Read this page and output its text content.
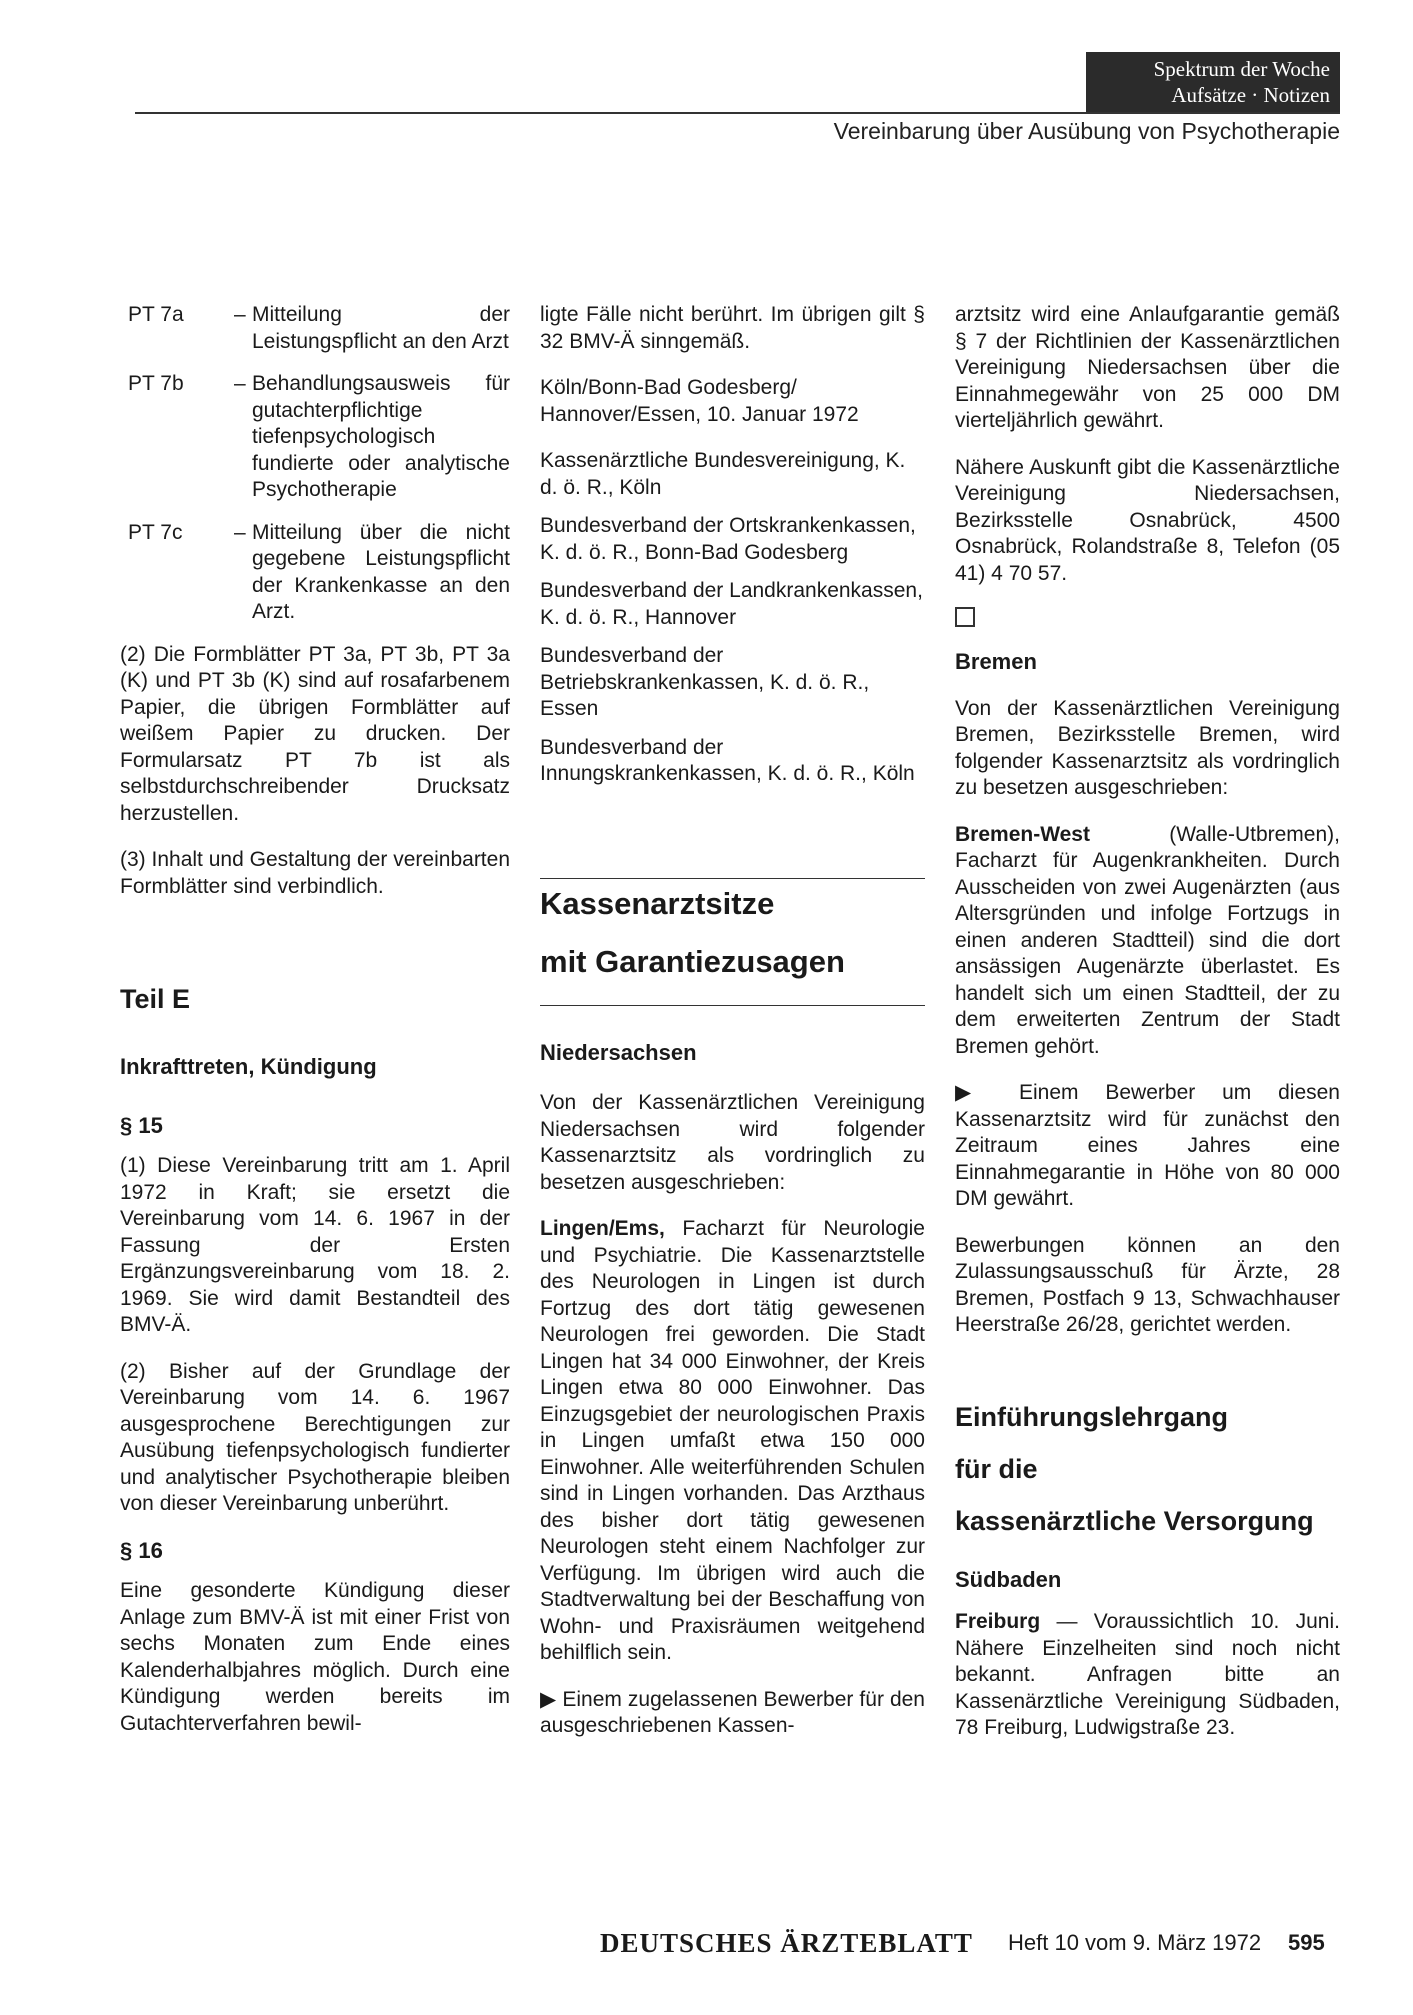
Spektrum der Woche
Aufsätze · Notizen
Vereinbarung über Ausübung von Psychotherapie
PT 7a	– Mitteilung der Leistungspflicht an den Arzt
PT 7b	– Behandlungsausweis für gutachterpflichtige tiefenpsychologisch fundierte oder analytische Psychotherapie
PT 7c	– Mitteilung über die nicht gegebene Leistungspflicht der Krankenkasse an den Arzt.

(2) Die Formblätter PT 3a, PT 3b, PT 3a (K) und PT 3b (K) sind auf rosafarbenem Papier, die übrigen Formblätter auf weißem Papier zu drucken. Der Formularsatz PT 7b ist als selbstdurchschreibender Drucksatz herzustellen.

(3) Inhalt und Gestaltung der vereinbarten Formblätter sind verbindlich.

Teil E

Inkrafttreten, Kündigung

§ 15

(1) Diese Vereinbarung tritt am 1. April 1972 in Kraft; sie ersetzt die Vereinbarung vom 14. 6. 1967 in der Fassung der Ersten Ergänzungsvereinbarung vom 18. 2. 1969. Sie wird damit Bestandteil des BMV-Ä.

(2) Bisher auf der Grundlage der Vereinbarung vom 14. 6. 1967 ausgesprochene Berechtigungen zur Ausübung tiefenpsychologisch fundierter und analytischer Psychotherapie bleiben von dieser Vereinbarung unberührt.

§ 16

Eine gesonderte Kündigung dieser Anlage zum BMV-Ä ist mit einer Frist von sechs Monaten zum Ende eines Kalenderhalbjahres möglich. Durch eine Kündigung werden bereits im Gutachterverfahren bewil-

ligte Fälle nicht berührt. Im übrigen gilt § 32 BMV-Ä sinngemäß.

Köln/Bonn-Bad Godesberg/ Hannover/Essen, 10. Januar 1972

Kassenärztliche Bundesvereinigung, K. d. ö. R., Köln

Bundesverband der Ortskrankenkassen, K. d. ö. R., Bonn-Bad Godesberg

Bundesverband der Landkrankenkassen, K. d. ö. R., Hannover

Bundesverband der Betriebskrankenkassen, K. d. ö. R., Essen

Bundesverband der Innungskrankenkassen, K. d. ö. R., Köln

Kassenarztsitze

mit Garantiezusagen

Niedersachsen

Von der Kassenärztlichen Vereinigung Niedersachsen wird folgender Kassenarztsitz als vordringlich zu besetzen ausgeschrieben:

Lingen/Ems, Facharzt für Neurologie und Psychiatrie. Die Kassenarztstelle des Neurologen in Lingen ist durch Fortzug des dort tätig gewesenen Neurologen frei geworden. Die Stadt Lingen hat 34 000 Einwohner, der Kreis Lingen etwa 80 000 Einwohner. Das Einzugsgebiet der neurologischen Praxis in Lingen umfaßt etwa 150 000 Einwohner. Alle weiterführenden Schulen sind in Lingen vorhanden. Das Arzthaus des bisher dort tätig gewesenen Neurologen steht einem Nachfolger zur Verfügung. Im übrigen wird auch die Stadtverwaltung bei der Beschaffung von Wohn- und Praxisräumen weitgehend behilflich sein.

▶ Einem zugelassenen Bewerber für den ausgeschriebenen Kassen-

arztsitz wird eine Anlaufgarantie gemäß § 7 der Richtlinien der Kassenärztlichen Vereinigung Niedersachsen über die Einnahmegewähr von 25 000 DM vierteljährlich gewährt.

Nähere Auskunft gibt die Kassenärztliche Vereinigung Niedersachsen, Bezirksstelle Osnabrück, 4500 Osnabrück, Rolandstraße 8, Telefon (05 41) 4 70 57.

Bremen

Von der Kassenärztlichen Vereinigung Bremen, Bezirksstelle Bremen, wird folgender Kassenarztsitz als vordringlich zu besetzen ausgeschrieben:

Bremen-West (Walle-Utbremen), Facharzt für Augenkrankheiten. Durch Ausscheiden von zwei Augenärzten (aus Altersgründen und infolge Fortzugs in einen anderen Stadtteil) sind die dort ansässigen Augenärzte überlastet. Es handelt sich um einen Stadtteil, der zu dem erweiterten Zentrum der Stadt Bremen gehört.

▶ Einem Bewerber um diesen Kassenarztsitz wird für zunächst den Zeitraum eines Jahres eine Einnahmegarantie in Höhe von 80 000 DM gewährt.

Bewerbungen können an den Zulassungsausschuß für Ärzte, 28 Bremen, Postfach 9 13, Schwachhauser Heerstraße 26/28, gerichtet werden.

Einführungslehrgang

für die

kassenärztliche Versorgung

Südbaden

Freiburg — Voraussichtlich 10. Juni. Nähere Einzelheiten sind noch nicht bekannt. Anfragen bitte an Kassenärztliche Vereinigung Südbaden, 78 Freiburg, Ludwigstraße 23.

DEUTSCHES ÄRZTEBLATT Heft 10 vom 9. März 1972 595
